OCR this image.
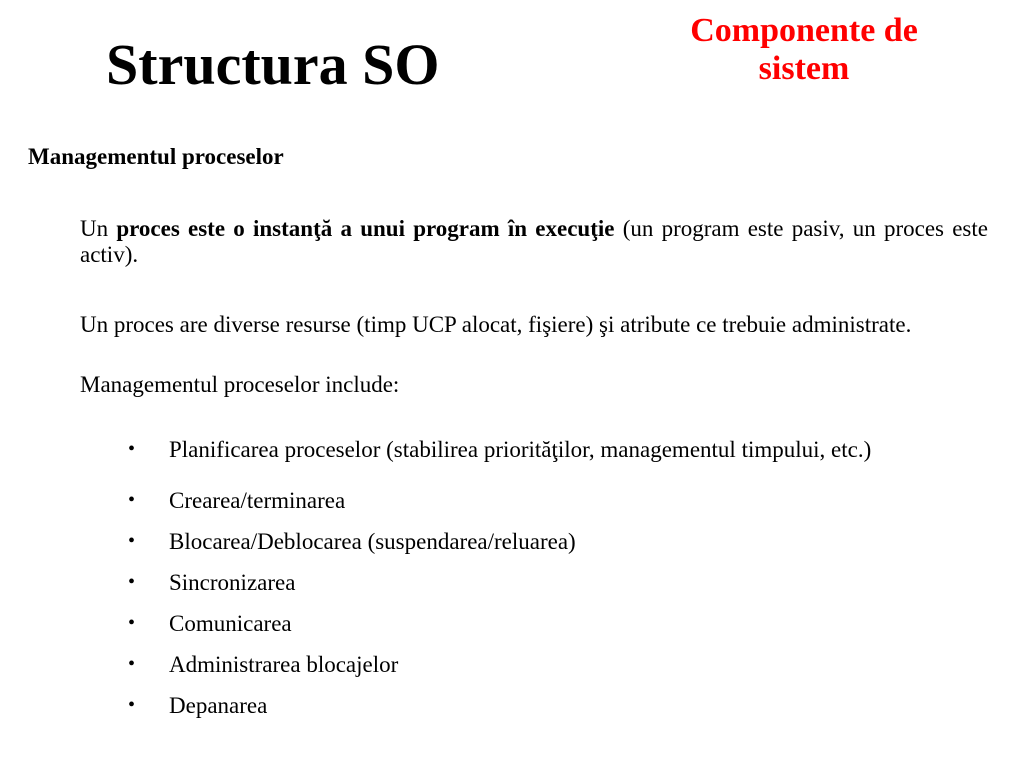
Structura SO
Componente de sistem
Managementul proceselor

Un proces este o instanţă a unui program în execuţie (un program este pasiv, un proces este activ).

Un proces are diverse resurse (timp UCP alocat, fişiere) şi atribute ce trebuie administrate.

Managementul proceselor include:

• Planificarea proceselor (stabilirea priorităţilor, managementul timpului, etc.)
• Crearea/terminarea
• Blocarea/Deblocarea (suspendarea/reluarea)
• Sincronizarea
• Comunicarea
• Administrarea blocajelor
• Depanarea
